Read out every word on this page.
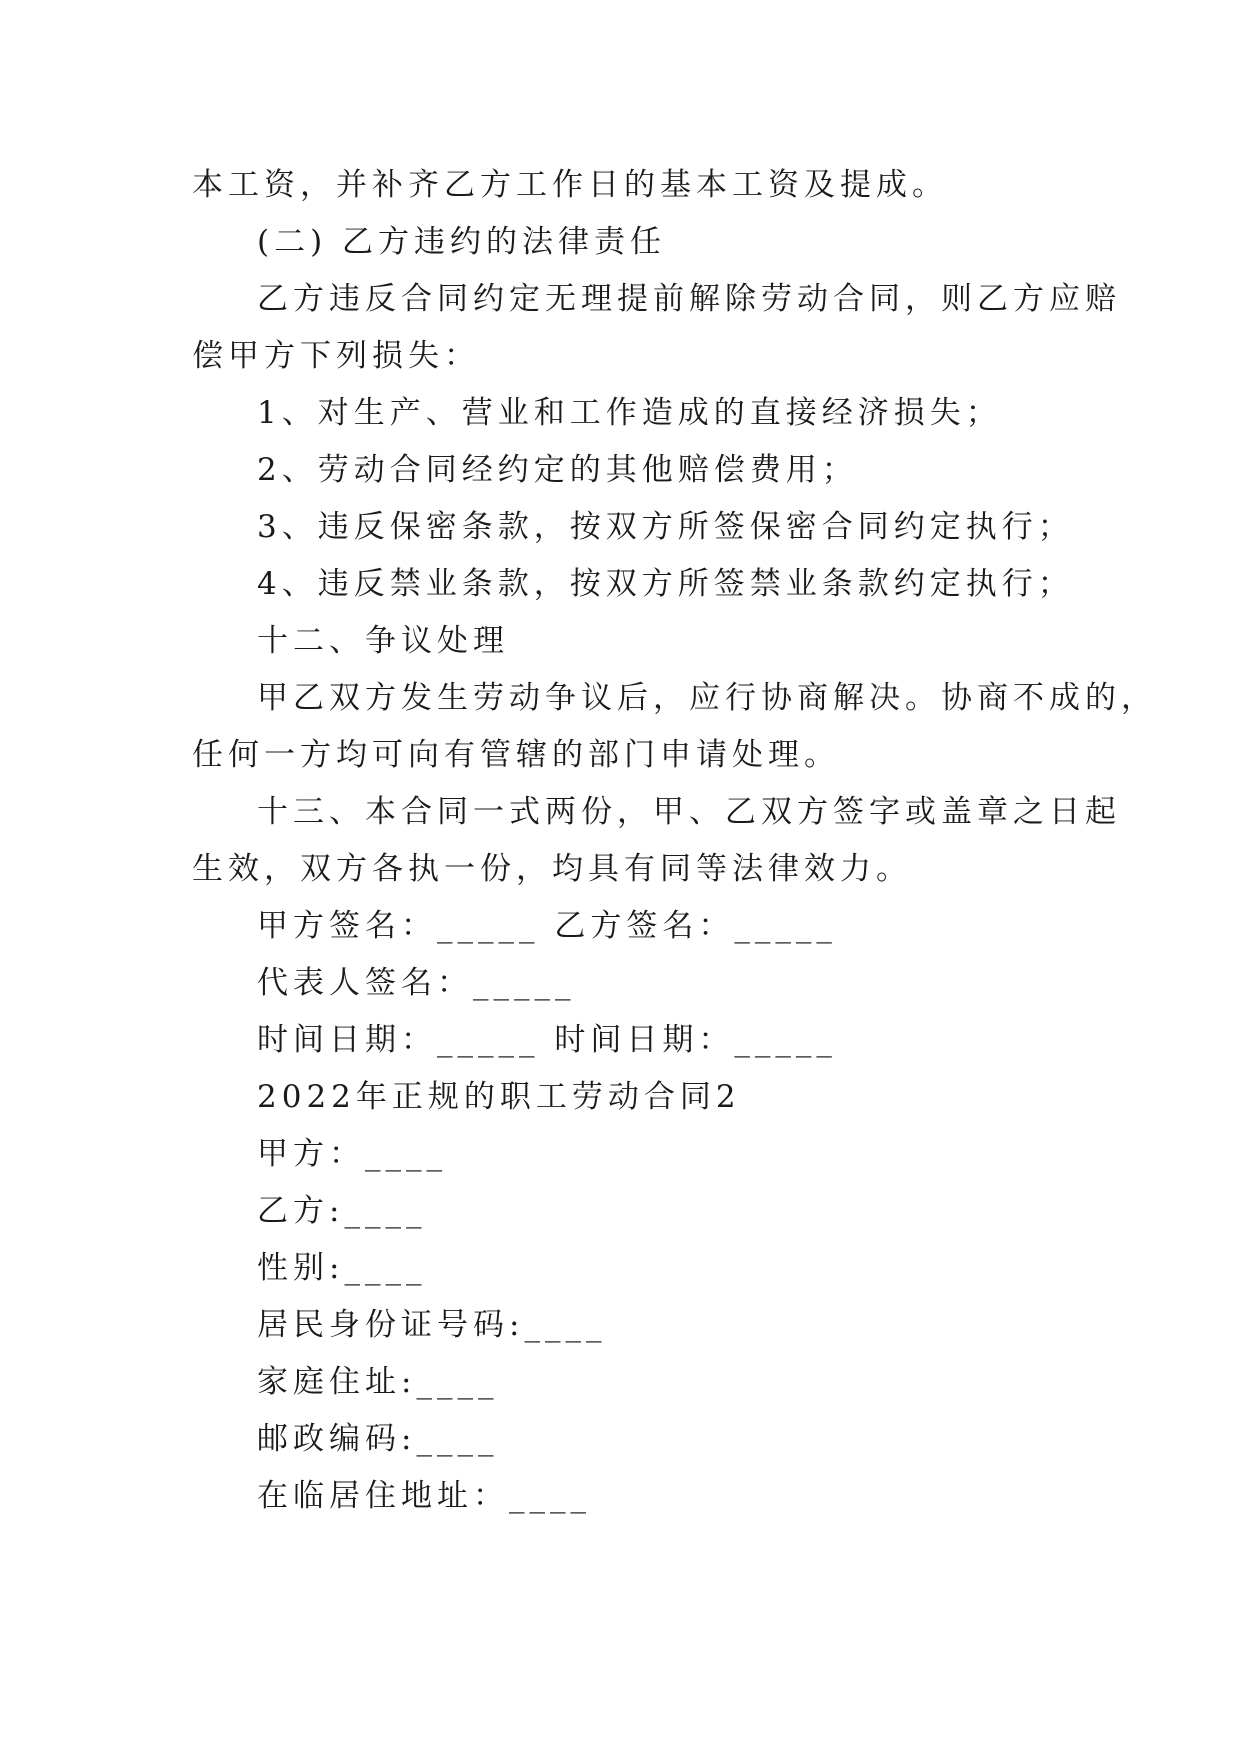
本工资，并补齐乙方工作日的基本工资及提成。
(二) 乙方违约的法律责任
乙方违反合同约定无理提前解除劳动合同，则乙方应赔
偿甲方下列损失：
1、对生产、营业和工作造成的直接经济损失；
2、劳动合同经约定的其他赔偿费用；
3、违反保密条款，按双方所签保密合同约定执行；
4、违反禁业条款，按双方所签禁业条款约定执行；
十二、争议处理
甲乙双方发生劳动争议后，应行协商解决。协商不成的，
任何一方均可向有管辖的部门申请处理。
十三、本合同一式两份，甲、乙双方签字或盖章之日起
生效，双方各执一份，均具有同等法律效力。
甲方签名：_____ 乙方签名：_____
代表人签名：_____
时间日期：_____ 时间日期：_____
2022年正规的职工劳动合同2
甲方：____
乙方:____
性别:____
居民身份证号码:____
家庭住址:____
邮政编码:____
在临居住地址：____
